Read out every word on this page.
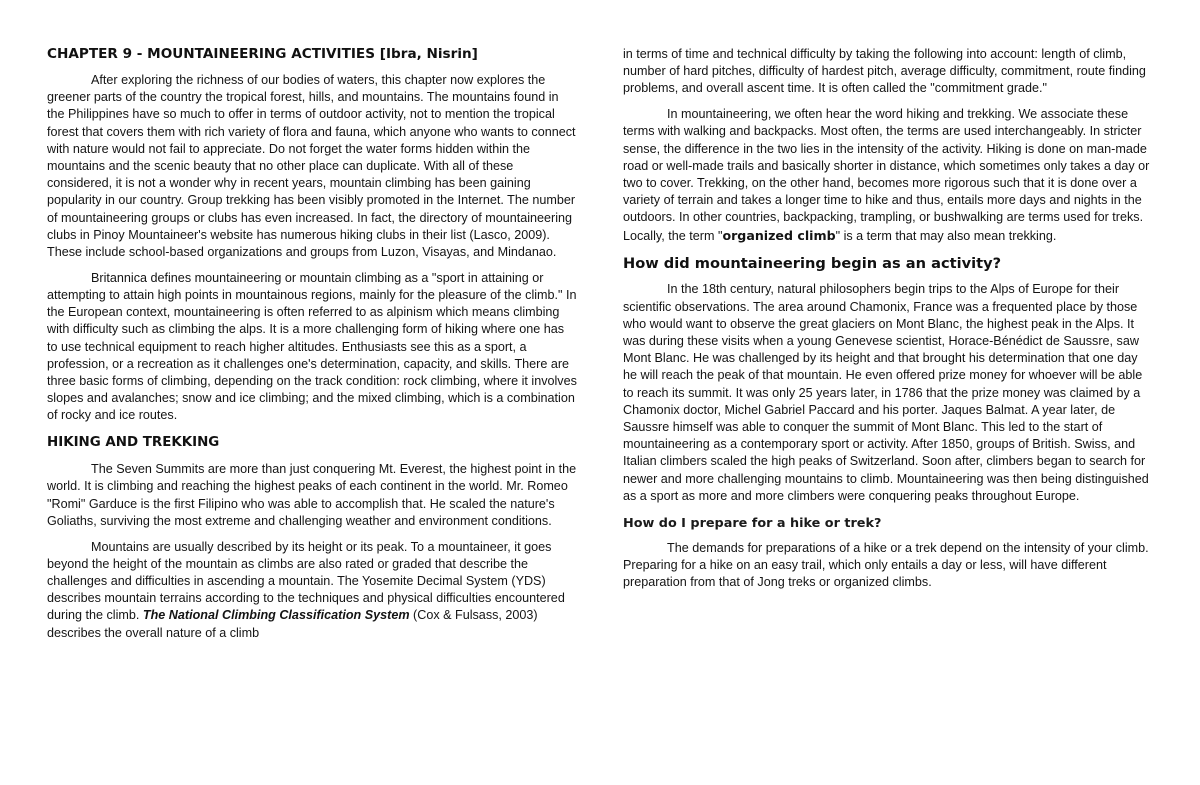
CHAPTER 9 - MOUNTAINEERING ACTIVITIES [Ibra, Nisrin]

After exploring the richness of our bodies of waters, this chapter now explores the greener parts of the country the tropical forest, hills, and mountains. The mountains found in the Philippines have so much to offer in terms of outdoor activity, not to mention the tropical forest that covers them with rich variety of flora and fauna, which anyone who wants to connect with nature would not fail to appreciate. Do not forget the water forms hidden within the mountains and the scenic beauty that no other place can duplicate. With all of these considered, it is not a wonder why in recent years, mountain climbing has been gaining popularity in our country. Group trekking has been visibly promoted in the Internet. The number of mountaineering groups or clubs has even increased. In fact, the directory of mountaineering clubs in Pinoy Mountaineer's website has numerous hiking clubs in their list (Lasco, 2009). These include school-based organizations and groups from Luzon, Visayas, and Mindanao.

Britannica defines mountaineering or mountain climbing as a "sport in attaining or attempting to attain high points in mountainous regions, mainly for the pleasure of the climb." In the European context, mountaineering is often referred to as alpinism which means climbing with difficulty such as climbing the alps. It is a more challenging form of hiking where one has to use technical equipment to reach higher altitudes. Enthusiasts see this as a sport, a profession, or a recreation as it challenges one's determination, capacity, and skills. There are three basic forms of climbing, depending on the track condition: rock climbing, where it involves slopes and avalanches; snow and ice climbing; and the mixed climbing, which is a combination of rocky and ice routes.

HIKING AND TREKKING

The Seven Summits are more than just conquering Mt. Everest, the highest point in the world. It is climbing and reaching the highest peaks of each continent in the world. Mr. Romeo "Romi" Garduce is the first Filipino who was able to accomplish that. He scaled the nature's Goliaths, surviving the most extreme and challenging weather and environment conditions.

Mountains are usually described by its height or its peak. To a mountaineer, it goes beyond the height of the mountain as climbs are also rated or graded that describe the challenges and difficulties in ascending a mountain. The Yosemite Decimal System (YDS) describes mountain terrains according to the techniques and physical difficulties encountered during the climb. The National Climbing Classification System (Cox & Fulsass, 2003) describes the overall nature of a climb

in terms of time and technical difficulty by taking the following into account: length of climb, number of hard pitches, difficulty of hardest pitch, average difficulty, commitment, route finding problems, and overall ascent time. It is often called the "commitment grade."

In mountaineering, we often hear the word hiking and trekking. We associate these terms with walking and backpacks. Most often, the terms are used interchangeably. In stricter sense, the difference in the two lies in the intensity of the activity. Hiking is done on man-made road or well-made trails and basically shorter in distance, which sometimes only takes a day or two to cover. Trekking, on the other hand, becomes more rigorous such that it is done over a variety of terrain and takes a longer time to hike and thus, entails more days and nights in the outdoors. In other countries, backpacking, trampling, or bushwalking are terms used for treks. Locally, the term "organized climb" is a term that may also mean trekking.

How did mountaineering begin as an activity?

In the 18th century, natural philosophers begin trips to the Alps of Europe for their scientific observations. The area around Chamonix, France was a frequented place by those who would want to observe the great glaciers on Mont Blanc, the highest peak in the Alps. It was during these visits when a young Genevese scientist, Horace-Bénédict de Saussre, saw Mont Blanc. He was challenged by its height and that brought his determination that one day he will reach the peak of that mountain. He even offered prize money for whoever will be able to reach its summit. It was only 25 years later, in 1786 that the prize money was claimed by a Chamonix doctor, Michel Gabriel Paccard and his porter. Jaques Balmat. A year later, de Saussre himself was able to conquer the summit of Mont Blanc. This led to the start of mountaineering as a contemporary sport or activity. After 1850, groups of British. Swiss, and Italian climbers scaled the high peaks of Switzerland. Soon after, climbers began to search for newer and more challenging mountains to climb. Mountaineering was then being distinguished as a sport as more and more climbers were conquering peaks throughout Europe.

How do I prepare for a hike or trek?

The demands for preparations of a hike or a trek depend on the intensity of your climb. Preparing for a hike on an easy trail, which only entails a day or less, will have different preparation from that of Jong treks or organized climbs.
